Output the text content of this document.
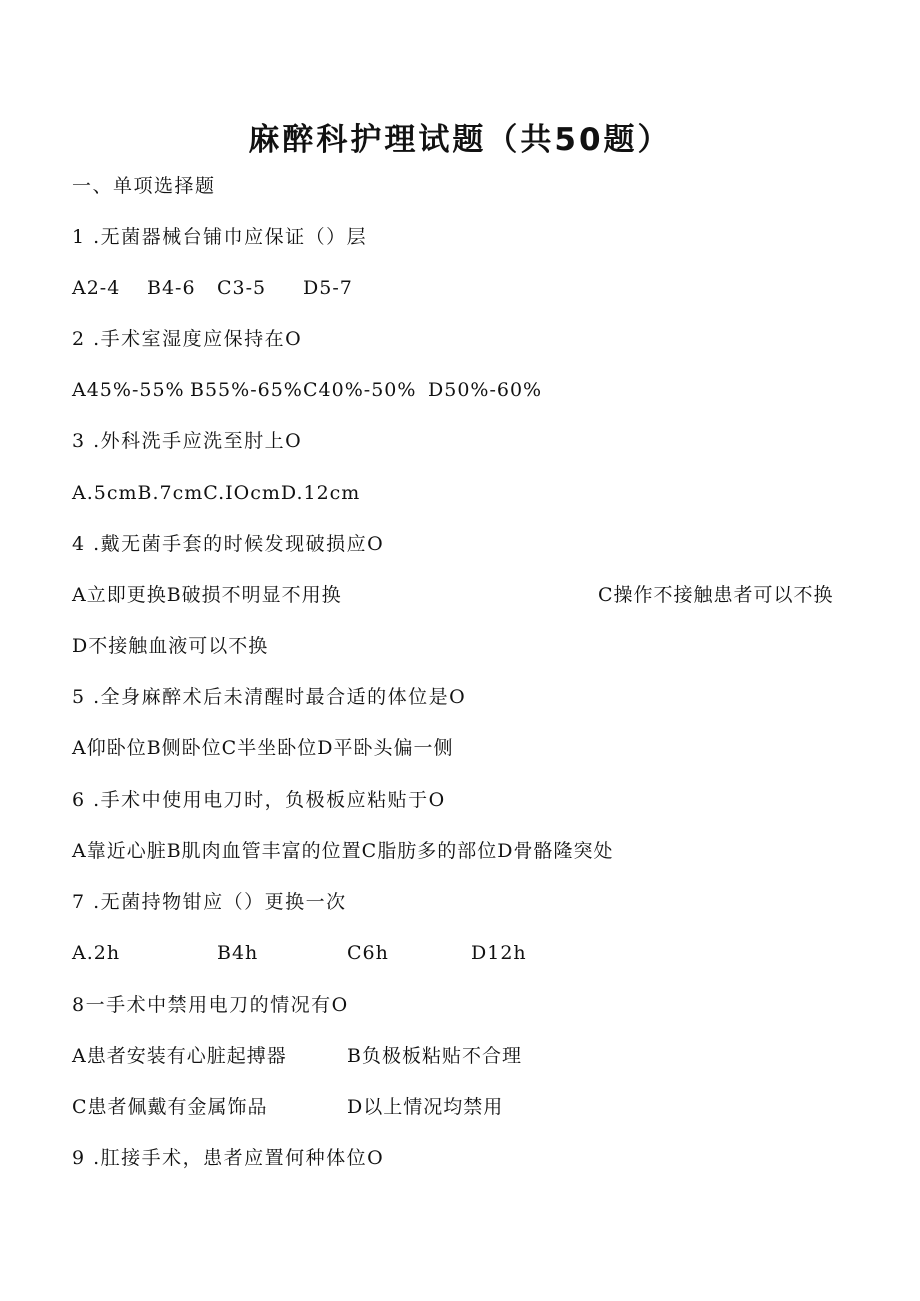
麻醉科护理试题（共50题）
一、单项选择题
1 .无菌器械台铺巾应保证（）层
A2-4 B4-6 C3-5 D5-7
2 .手术室湿度应保持在O
A45%-55% B55%-65% C40%-50% D50%-60%
3 .外科洗手应洗至肘上O
A.5cmB.7cmC.IOcmD.12cm
4 .戴无菌手套的时候发现破损应O
A立即更换B破损不明显不用换	C操作不接触患者可以不换
D不接触血液可以不换
5 .全身麻醉术后未清醒时最合适的体位是O
A仰卧位B侧卧位C半坐卧位D平卧头偏一侧
6 .手术中使用电刀时，负极板应粘贴于O
A靠近心脏B肌肉血管丰富的位置C脂肪多的部位D骨骼隆突处
7 .无菌持物钳应（）更换一次
A.2h	B4h	C6h	D12h
8一手术中禁用电刀的情况有O
A患者安装有心脏起搏器	B负极板粘贴不合理
C患者佩戴有金属饰品	D以上情况均禁用
9 .肛接手术，患者应置何种体位O
